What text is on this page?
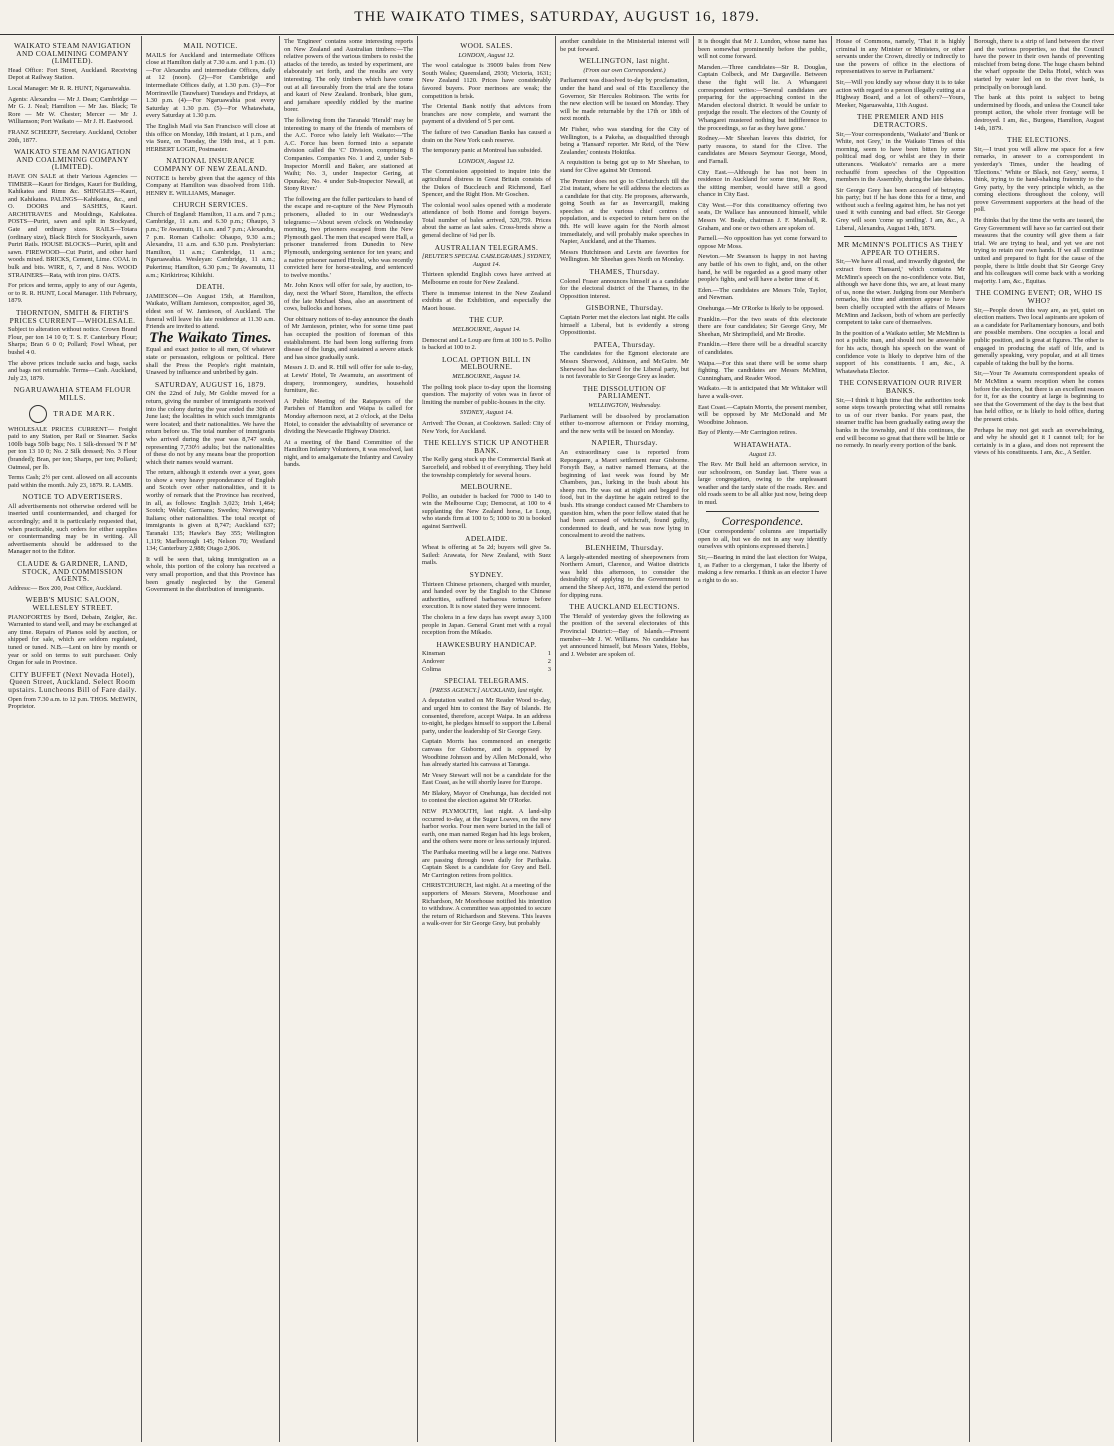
THE WAIKATO TIMES, SATURDAY, AUGUST 16, 1879.
WAIKATO STEAM NAVIGATION AND COALMINING COMPANY (LIMITED).

Head Office: Fort Street, Auckland. Receiving Depot at Railway Station.

Local Manager: Mr R. R. HUNT, Ngaruawahia.

Agents: Alexandra — Mr J. Dean; Cambridge — Mr G. J. Neal; Hamilton — Mr Jas. Black; Te Rore — Mr W. Chester; Mercer — Mr J. Williamson; Port Waikato — Mr J. H. Eastwood.

FRANZ SCHEEFF, Secretary. Auckland, October 20th, 1877.

WAIKATO STEAM NAVIGATION AND COALMINING COMPANY (LIMITED).

HAVE ON SALE at their Various Agencies — TIMBER—Kauri for Bridges, Kauri for Building, Kahikatea and Rimu &c. SHINGLES—Kauri, and Kahikatea. PALINGS—Kahikatea, &c., and O. DOORS and SASHES, Kauri. ARCHITRAVES and Mouldings, Kahikatea. POSTS—Puriri, sawn and split in Stockyard, Gate and ordinary sizes. RAILS—Totara (ordinary size), Black Birch for Stockyards, sawn Puriri Rails. HOUSE BLOCKS—Puriri, split and sawn. FIREWOOD—Cut Puriri, and other hard woods mixed. BRICKS, Cement, Lime. COAL in bulk and bits. WIRE, 6, 7, and 8 Nos. WOOD STRAINERS—Rata, with iron pins. OATS.

For prices and terms, apply to any of our Agents, or to R. R. HUNT, Local Manager. 11th February, 1879.

THORNTON, SMITH & FIRTH'S PRICES CURRENT—WHOLESALE.

Subject to alteration without notice. Crown Brand Flour, per ton 14 10 0; T. S. F. Canterbury Flour; Sharps; Bran 6 0 0; Pollard; Fowl Wheat, per bushel 4 0.

The above prices include sacks and bags, sacks and bags not returnable. Terms—Cash. Auckland, July 23, 1879.

NGARUAWAHIA STEAM FLOUR MILLS.
TRADE MARK.

WHOLESALE PRICES CURRENT— Freight paid to any Station, per Rail or Steamer. Sacks 100lb bags 50lb bags; No. 1 Silk-dressed 'N F M' per ton 13 10 0; No. 2 Silk dressed; No. 3 Flour (branded); Bran, per ton; Sharps, per ton; Pollard; Oatmeal, per lb.

Terms Cash; 2½ per cent. allowed on all accounts paid within the month. July 23, 1879. R. LAMB.

NOTICE TO ADVERTISERS.

All advertisements not otherwise ordered will be inserted until countermanded, and charged for accordingly; and it is particularly requested that, when practicable, such orders for either supplies or countermanding may be in writing. All advertisements should be addressed to the Manager not to the Editor.

CLAUDE & GARDNER, LAND, STOCK, AND COMMISSION AGENTS.

Address:— Box 200, Post Office, Auckland.

WEBB'S MUSIC SALOON, WELLESLEY STREET.

PIANOFORTES by Bord, Debain, Zeigler, &c. Warranted to stand well, and may be exchanged at any time. Repairs of Pianos sold by auction, or shipped for sale, which are seldom regulated, tuned or tuned. N.B.—Lent on hire by month or year or sold on terms to suit purchaser. Only Organ for sale in Province.

CITY BUFFET (Next Nevada Hotel), Queen Street, Auckland. Select Room upstairs. Luncheons Bill of Fare daily.

Open from 7.30 a.m. to 12 p.m. THOS. McEWIN, Proprietor.

MAIL NOTICE.

MAILS for Auckland and intermediate Offices close at Hamilton daily at 7.30 a.m. and 1 p.m. (1)—For Alexandra and intermediate Offices, daily at 12 (noon). (2)—For Cambridge and intermediate Offices daily, at 1.30 p.m. (3)—For Morrinsville (Tauwhare) Tuesdays and Fridays, at 1.30 p.m. (4)—For Ngaruawahia post every Saturday at 1.30 p.m. (5)—For Whatawhata, every Saturday at 1.30 p.m.

The English Mail via San Francisco will close at this office on Monday, 18th instant, at 1 p.m., and via Suez, on Tuesday, the 19th inst., at 1 p.m. HERBERT LOGIE, Postmaster.

NATIONAL INSURANCE COMPANY OF NEW ZEALAND.

NOTICE is hereby given that the agency of this Company at Hamilton was dissolved from 11th. HENRY E. WILLIAMS, Manager.

CHURCH SERVICES.

Church of England: Hamilton, 11 a.m. and 7 p.m.; Cambridge, 11 a.m. and 6.30 p.m.; Ohaupo, 3 p.m.; Te Awamutu, 11 a.m. and 7 p.m.; Alexandra, 7 p.m. Roman Catholic: Ohaupo, 9.30 a.m.; Alexandra, 11 a.m. and 6.30 p.m. Presbyterian: Hamilton, 11 a.m.; Cambridge, 11 a.m.; Ngaruawahia. Wesleyan: Cambridge, 11 a.m.; Pukerimu; Hamilton, 6.30 p.m.; Te Awamutu, 11 a.m.; Kirikiriroa; Kihikihi.

DEATH.

JAMIESON—On August 15th, at Hamilton, Waikato, William Jamieson, compositor, aged 36, eldest son of W. Jamieson, of Auckland. The funeral will leave his late residence at 11.30 a.m. Friends are invited to attend.

The Waikato Times.

Equal and exact justice to all men, Of whatever state or persuasion, religious or political. Here shall the Press the People's right maintain, Unawed by influence and unbribed by gain.

SATURDAY, AUGUST 16, 1879.

ON the 22nd of July, Mr Goldie moved for a return, giving the number of immigrants received into the colony during the year ended the 30th of June last; the localities in which such immigrants were located; and their nationalities. We have the return before us. The total number of immigrants who arrived during the year was 8,747 souls, representing 7,730½ adults; but the nationalities of these do not by any means bear the proportion which their names would warrant.

The return, although it extends over a year, goes to show a very heavy preponderance of English and Scotch over other nationalities, and it is worthy of remark that the Province has received, in all, as follows: English 3,023; Irish 1,464; Scotch; Welsh; Germans; Swedes; Norwegians; Italians; other nationalities. The total receipt of immigrants is given at 8,747; Auckland 637; Taranaki 135; Hawke's Bay 355; Wellington 1,119; Marlborough 145; Nelson 70; Westland 134; Canterbury 2,988; Otago 2,906.

It will be seen that, taking immigration as a whole, this portion of the colony has received a very small proportion, and that this Province has been greatly neglected by the General Government in the distribution of immigrants.

The 'Engineer' contains some interesting reports on New Zealand and Australian timbers:—The relative powers of the various timbers to resist the attacks of the teredo, as tested by experiment, are elaborately set forth, and the results are very interesting. The only timbers which have come out at all favourably from the trial are the totara and kauri of New Zealand. Ironbark, blue gum, and jarrahare speedily riddled by the marine borer.

The following from the Taranaki 'Herald' may be interesting to many of the friends of members of the A.C. Force who lately left Waikato:—'The A.C. Force has been formed into a separate division called the 'C' Division, comprising 8 Companies. Companies No. 1 and 2, under Sub-Inspector Morrill and Baker, are stationed at Waihi; No. 3, under Inspector Gering, at Opunake; No. 4 under Sub-Inspector Newall, at Stony River.'

The following are the fuller particulars to hand of the escape and re-capture of the New Plymouth prisoners, alluded to in our Wednesday's telegrams:—'About seven o'clock on Wednesday morning, two prisoners escaped from the New Plymouth gaol. The men that escaped were Hall, a prisoner transferred from Dunedin to New Plymouth, undergoing sentence for ten years; and a native prisoner named Hiroki, who was recently convicted here for horse-stealing, and sentenced to twelve months.'

Mr. John Knox will offer for sale, by auction, to-day, next the Wharf Store, Hamilton, the effects of the late Michael Shea, also an assortment of cows, bullocks and horses.

Our obituary notices of to-day announce the death of Mr Jamieson, printer, who for some time past has occupied the position of foreman of this establishment. He had been long suffering from disease of the lungs, and sustained a severe attack and has since gradually sunk.

Messrs J. D. and R. Hill will offer for sale to-day, at Lewis' Hotel, Te Awamutu, an assortment of drapery, ironmongery, sundries, household furniture, &c.

A Public Meeting of the Ratepayers of the Parishes of Hamilton and Waipa is called for Monday afternoon next, at 2 o'clock, at the Delta Hotel, to consider the advisability of severance or dividing the Newcastle Highway District.

At a meeting of the Band Committee of the Hamilton Infantry Volunteers, it was resolved, last night, and to amalgamate the Infantry and Cavalry bands.

WOOL SALES.
LONDON, August 12.

The wool catalogue is 39009 bales from New South Wales; Queensland, 2930; Victoria, 1631; New Zealand 1120. Prices have considerably favored buyers. Poor merinoes are weak; the competition is brisk.

The Oriental Bank notify that advices from branches are now complete, and warrant the payment of a dividend of 5 per cent.

The failure of two Canadian Banks has caused a drain on the New York cash reserve.

The temporary panic at Montreal has subsided.

LONDON, August 12.

The Commission appointed to inquire into the agricultural distress in Great Britain consists of the Dukes of Buccleuch and Richmond, Earl Spencer, and the Right Hon. Mr Goschen.

The colonial wool sales opened with a moderate attendance of both Home and foreign buyers. Total number of bales arrived, 320,759. Prices about the same as last sales. Cross-breds show a general decline of ¼d per lb.

AUSTRALIAN TELEGRAMS.
[REUTER'S SPECIAL CABLEGRAMS.] SYDNEY, August 14.

Thirteen splendid English cows have arrived at Melbourne en route for New Zealand.

There is immense interest in the New Zealand exhibits at the Exhibition, and especially the Maori house.

THE CUP.
MELBOURNE, August 14.

Democrat and Le Loup are firm at 100 to 5. Pollio is backed at 100 to 2.

LOCAL OPTION BILL IN MELBOURNE.
MELBOURNE, August 14.

The polling took place to-day upon the licensing question. The majority of votes was in favor of limiting the number of public-houses in the city.

SYDNEY, August 14.

Arrived: The Ocean, at Cooktown. Sailed: City of New York, for Auckland.

THE KELLYS STICK UP ANOTHER BANK.

The Kelly gang stuck up the Commercial Bank at Sarcefield, and robbed it of everything. They held the township completely for several hours.

MELBOURNE.

Pollio, an outsider is backed for 7000 to 140 to win the Melbourne Cup; Democrat, at 100 to 4 supplanting the New Zealand horse, Le Loup, who stands firm at 100 to 5; 1000 to 30 is booked against Sarriwell.

ADELAIDE.

Wheat is offering at 5s 2d; buyers will give 5s. Sailed: Arawata, for New Zealand, with Suez mails.

SYDNEY.

Thirteen Chinese prisoners, charged with murder, and handed over by the English to the Chinese authorities, suffered barbarous torture before execution. It is now stated they were innocent.

The cholera in a few days has swept away 3,100 people in Japan. General Grant met with a royal reception from the Mikado.

HAWKESBURY HANDICAP.
Kinsman	1
Andover	2
Colima	3
SPECIAL TELEGRAMS.
[PRESS AGENCY.] AUCKLAND, last night.

A deputation waited on Mr Reader Wood to-day, and urged him to contest the Bay of Islands. He consented, therefore, accept Waipa. In an address to-night, he pledges himself to support the Liberal party, under the leadership of Sir George Grey.

Captain Morris has commenced an energetic canvass for Gisborne, and is opposed by Woodbine Johnson and by Allen McDonald, who has already started his canvass at Taranga.

Mr Vesey Stewart will not be a candidate for the East Coast, as he will shortly leave for Europe.

Mr Blakey, Mayor of Onehunga, has decided not to contest the election against Mr O'Rorke.

NEW PLYMOUTH, last night. A land-slip occurred to-day, at the Sugar Loaves, on the new harbor works. Four men were buried in the fall of earth, one man named Regan had his legs broken, and the others were more or less seriously injured.

The Parihaka meeting will be a large one. Natives are passing through town daily for Parihaka. Captain Skeet is a candidate for Grey and Bell. Mr Carrington retires from politics.

CHRISTCHURCH, last night. At a meeting of the supporters of Messrs Stevens, Moorhouse and Richardson, Mr Moorhouse notified his intention to withdraw. A committee was appointed to secure the return of Richardson and Stevens. This leaves a walk-over for Sir George Grey, but probably

another candidate in the Ministerial interest will be put forward.

WELLINGTON, last night.
(From our own Correspondent.)

Parliament was dissolved to-day by proclamation, under the hand and seal of His Excellency the Governor, Sir Hercules Robinson. The writs for the new election will be issued on Monday. They will be made returnable by the 17th or 18th of next month.

Mr Fisher, who was standing for the City of Wellington, is a Pakeha, as disqualified through being a 'Hansard' reporter. Mr Reid, of the 'New Zealander,' contests Hokitika.

A requisition is being got up to Mr Sheehan, to stand for Clive against Mr Ormond.

The Premier does not go to Christchurch till the 21st instant, where he will address the electors as a candidate for that city. He proposes, afterwards, going South as far as Invercargill, making speeches at the various chief centres of population, and is expected to return here on the 8th. He will leave again for the North almost immediately, and will probably make speeches in Napier, Auckland, and at the Thames.

Messrs Hutchinson and Levin are favorites for Wellington. Mr Sheehan goes North on Monday.

THAMES, Thursday.

Colonel Fraser announces himself as a candidate for the electoral district of the Thames, in the Opposition interest.

GISBORNE, Thursday.

Captain Porter met the electors last night. He calls himself a Liberal, but is evidently a strong Oppositionist.

PATEA, Thursday.

The candidates for the Egmont electorate are Messrs Sherwood, Atkinson, and McGuire. Mr Sherwood has declared for the Liberal party, but is not favorable to Sir George Grey as leader.

THE DISSOLUTION OF PARLIAMENT.
WELLINGTON, Wednesday.

Parliament will be dissolved by proclamation either to-morrow afternoon or Friday morning, and the new writs will be issued on Monday.

NAPIER, Thursday.

An extraordinary case is reported from Repongaere, a Maori settlement near Gisborne. Forsyth Bay, a native named Hemara, at the beginning of last week was found by Mr Chambers, jun., lurking in the bush about his sheep run. He was out at night and begged for food, but in the daytime he again retired to the bush. His strange conduct caused Mr Chambers to question him, when the poor fellow stated that he had been accused of witchcraft, found guilty, condemned to death, and he was now lying in concealment to avoid the natives.

BLENHEIM, Thursday.

A largely-attended meeting of sheepowners from Northern Amuri, Clarence, and Waitoe districts was held this afternoon, to consider the desirability of applying to the Government to amend the Sheep Act, 1878, and extend the period for dipping runs.

THE AUCKLAND ELECTIONS.

The 'Herald' of yesterday gives the following as the position of the several electorates of this Provincial District:—Bay of Islands.—Present member—Mr J. W. Williams. No candidate has yet announced himself, but Messrs Yates, Hobbs, and J. Webster are spoken of.

It is thought that Mr J. Lundon, whose name has been somewhat prominently before the public, will not come forward.

Marsden.—Three candidates—Sir R. Douglas, Captain Colbeck, and Mr Dargaville. Between these the fight will lie. A Whangarei correspondent writes:—'Several candidates are preparing for the approaching contest in the Marsden electoral district. It would be unfair to prejudge the result. The electors of the County of Whangarei mustered nothing but indifference to the proceedings, so far as they have gone.'

Rodney.—Mr Sheehan leaves this district, for party reasons, to stand for the Clive. The candidates are Messrs Seymour George, Mood, and Farnall.

City East.—Although he has not been in residence in Auckland for some time, Mr Rees, the sitting member, would have still a good chance in City East.

City West.—For this constituency offering two seats, Dr Wallace has announced himself, while Messrs W. Beale, chairman J. F. Marshall, R. Graham, and one or two others are spoken of.

Parnell.—No opposition has yet come forward to oppose Mr Moss.

Newton.—Mr Swanson is happy in not having any battle of his own to fight, and, on the other hand, he will be regarded as a good many other people's fights, and will have a better time of it.

Eden.—The candidates are Messrs Tole, Taylor, and Newman.

Onehunga.—Mr O'Rorke is likely to be opposed.

Franklin.—For the two seats of this electorate there are four candidates; Sir George Grey, Mr Sheehan, Mr Shrimpfield, and Mr Brodie.

Franklin.—Here there will be a dreadful scarcity of candidates.

Waipa.—For this seat there will be some sharp fighting. The candidates are Messrs McMinn, Cunningham, and Reader Wood.

Waikato.—It is anticipated that Mr Whitaker will have a walk-over.

East Coast.—Captain Morris, the present member, will be opposed by Mr McDonald and Mr Woodbine Johnson.

Bay of Plenty.—Mr Carrington retires.

WHATAWHATA.
August 13.

The Rev. Mr Bull held an afternoon service, in our schoolroom, on Sunday last. There was a large congregation, owing to the unpleasant weather and the tardy state of the roads. Rev. and old roads seem to be all alike just now, being deep in mud.

Correspondence.

[Our correspondents' columns are impartially open to all, but we do not in any way identify ourselves with opinions expressed therein.]

Sir,—Bearing in mind the last election for Waipa, I, as Father to a clergyman, I take the liberty of making a few remarks. I think as an elector I have a right to do so.

House of Commons, namely, 'That it is highly criminal in any Minister or Ministers, or other servants under the Crown, directly or indirectly to use the powers of office in the elections of representatives to serve in Parliament.'

Sir,—Will you kindly say whose duty it is to take action with regard to a person illegally cutting at a Highway Board, and a lot of others?—Yours, Meeker, Ngaruawahia, 11th August.

THE PREMIER AND HIS DETRACTORS.

Sir,—Your correspondents, 'Waikato' and 'Bunk or White, not Grey,' in the Waikato Times of this morning, seem to have been bitten by some political mad dog, or whilst are they in their utterances. 'Waikato's' remarks are a mere rechauffé from speeches of the Opposition members in the Assembly, during the late debates.

Sir George Grey has been accused of betraying his party; but if he has done this for a time, and without such a feeling against him, he has not yet used it with cunning and bad effect. Sir George Grey will soon 'come up smiling'. I am, &c., A Liberal, Alexandra, August 14th, 1879.

MR McMINN'S POLITICS AS THEY APPEAR TO OTHERS.

Sir,—We have all read, and inwardly digested, the extract from 'Hansard,' which contains Mr McMinn's speech on the no-confidence vote. But, although we have done this, we are, at least many of us, none the wiser. Judging from our Member's remarks, his time and attention appear to have been chiefly occupied with the affairs of Messrs McMinn and Jackson, both of whom are perfectly competent to take care of themselves.

In the position of a Waikato settler, Mr McMinn is not a public man, and should not be answerable for his acts, though his speech on the want of confidence vote is likely to deprive him of the support of his constituents. I am, &c., A Whatawhata Elector.

THE CONSERVATION OUR RIVER BANKS.

Sir,—I think it high time that the authorities took some steps towards protecting what still remains to us of our river banks. For years past, the steamer traffic has been gradually eating away the banks in the township, and if this continues, the end will become so great that there will be little or no remedy. In nearly every portion of the bank.

Borough, there is a strip of land between the river and the various properties, so that the Council have the power in their own hands of preventing mischief from being done. The huge chasm behind the wharf opposite the Delta Hotel, which was started by water led on to the river bank, is principally on borough land.

The bank at this point is subject to being undermined by floods, and unless the Council take prompt action, the whole river frontage will be destroyed. I am, &c., Burgess, Hamilton, August 14th, 1879.

THE ELECTIONS.

Sir,—I trust you will allow me space for a few remarks, in answer to a correspondent in yesterday's Times, under the heading of 'Elections.' 'White or Black, not Grey,' seems, I think, trying to tie hand-shaking fraternity to the Grey party, by the very principle which, as the coming elections throughout the colony, will prove Government supporters at the head of the poll.

He thinks that by the time the writs are issued, the Grey Government will have so far carried out their measures that the country will give them a fair trial. We are trying to heal, and yet we are not trying to retain our own hands. If we all continue united and prepared to fight for the cause of the people, there is little doubt that Sir George Grey and his colleagues will come back with a working majority. I am, &c., Equitas.

THE COMING EVENT; OR, WHO IS WHO?

Sir,—People down this way are, as yet, quiet on election matters. Two local aspirants are spoken of as a candidate for Parliamentary honours, and both are possible members. One occupies a local and public position, and is great at figures. The other is engaged in producing the staff of life, and is generally speaking, very popular, and at all times capable of taking the bull by the horns.

Sir,—Your Te Awamutu correspondent speaks of Mr McMinn a warm reception when he comes before the electors, but there is an excellent reason for it, for as the country at large is beginning to see that the Government of the day is the best that has held office, or is likely to hold office, during the present crisis.

Perhaps he may not get such an overwhelming, and why he should get it I cannot tell; for he certainly is in a glass, and does not represent the views of his constituents. I am, &c., A Settler.
